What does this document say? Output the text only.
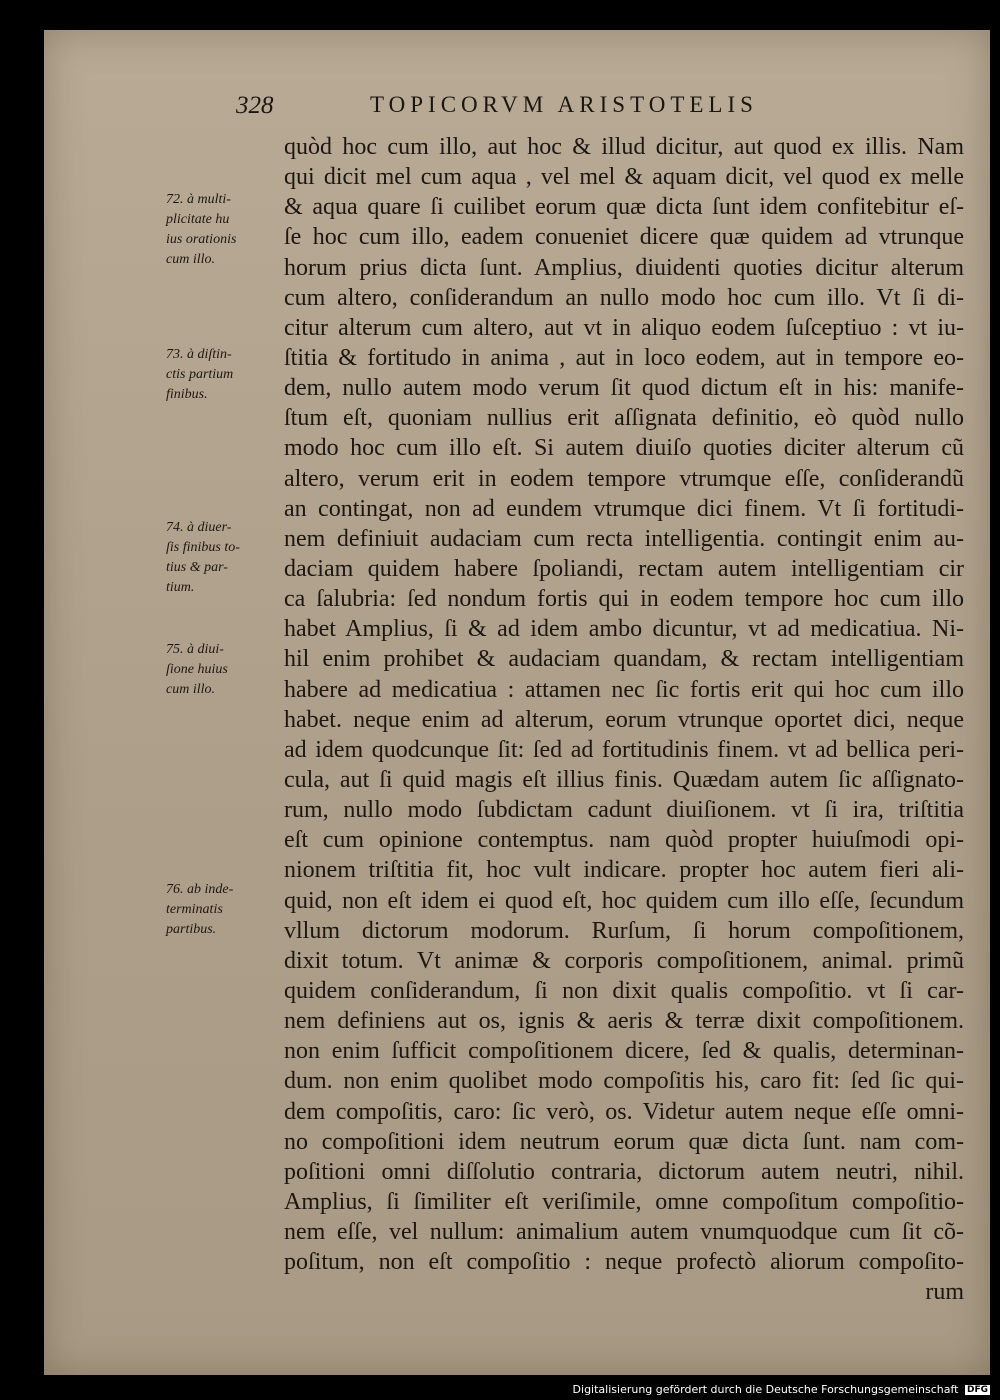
328	TOPICORVM ARISTOTELIS
quòd hoc cum illo, aut hoc & illud dicitur, aut quod ex illis. Nam
qui dicit mel cum aqua , vel mel & aquam dicit, vel quod ex melle
& aqua quare ſi cuilibet eorum quæ dicta ſunt idem confitebitur eſ-
ſe hoc cum illo, eadem conueniet dicere quæ quidem ad vtrunque
horum prius dicta ſunt. Amplius, diuidenti quoties dicitur alterum
cum altero, conſiderandum an nullo modo hoc cum illo. Vt ſi di-
citur alterum cum altero, aut vt in aliquo eodem ſuſceptiuo : vt iu-
ſtitia & fortitudo in anima , aut in loco eodem, aut in tempore eo-
dem, nullo autem modo verum ſit quod dictum eſt in his: manife-
ſtum eſt, quoniam nullius erit aſſignata definitio, eò quòd nullo
modo hoc cum illo eſt. Si autem diuiſo quoties diciter alterum cũ
altero, verum erit in eodem tempore vtrumque eſſe, conſiderandũ
an contingat, non ad eundem vtrumque dici finem. Vt ſi fortitudi-
nem definiuit audaciam cum recta intelligentia. contingit enim au-
daciam quidem habere ſpoliandi, rectam autem intelligentiam cir
ca ſalubria: ſed nondum fortis qui in eodem tempore hoc cum illo
habet Amplius, ſi & ad idem ambo dicuntur, vt ad medicatiua. Ni-
hil enim prohibet & audaciam quandam, & rectam intelligentiam
habere ad medicatiua : attamen nec ſic fortis erit qui hoc cum illo
habet. neque enim ad alterum, eorum vtrunque oportet dici, neque
ad idem quodcunque ſit: ſed ad fortitudinis finem. vt ad bellica peri-
cula, aut ſi quid magis eſt illius finis. Quædam autem ſic aſſignato-
rum, nullo modo ſubdictam cadunt diuiſionem. vt ſi ira, triſtitia
eſt cum opinione contemptus. nam quòd propter huiuſmodi opi-
nionem triſtitia fit, hoc vult indicare. propter hoc autem fieri ali-
quid, non eſt idem ei quod eſt, hoc quidem cum illo eſſe, ſecundum
vllum dictorum modorum. Rurſum, ſi horum compoſitionem,
dixit totum. Vt animæ & corporis compoſitionem, animal. primũ
quidem conſiderandum, ſi non dixit qualis compoſitio. vt ſi car-
nem definiens aut os, ignis & aeris & terræ dixit compoſitionem.
non enim ſufficit compoſitionem dicere, ſed & qualis, determinan-
dum. non enim quolibet modo compoſitis his, caro fit: ſed ſic qui-
dem compoſitis, caro: ſic verò, os. Videtur autem neque eſſe omni-
no compoſitioni idem neutrum eorum quæ dicta ſunt. nam com-
poſitioni omni diſſolutio contraria, dictorum autem neutri, nihil.
Amplius, ſi ſimiliter eſt veriſimile, omne compoſitum compoſitio-
nem eſſe, vel nullum: animalium autem vnumquodque cum ſit cõ-
poſitum, non eſt compoſitio : neque profectò aliorum compoſito-
rum
72. à multi-
plicitate hu
ius orationis
cum illo.
73. à diſtin-
ctis partium
finibus.
74. à diuer-
ſis finibus to-
tius & par-
tium.
75. à diui-
ſione huius
cum illo.
76. ab inde-
terminatis
partibus.
Digitalisierung gefördert durch die Deutsche Forschungsgemeinschaft DFG
